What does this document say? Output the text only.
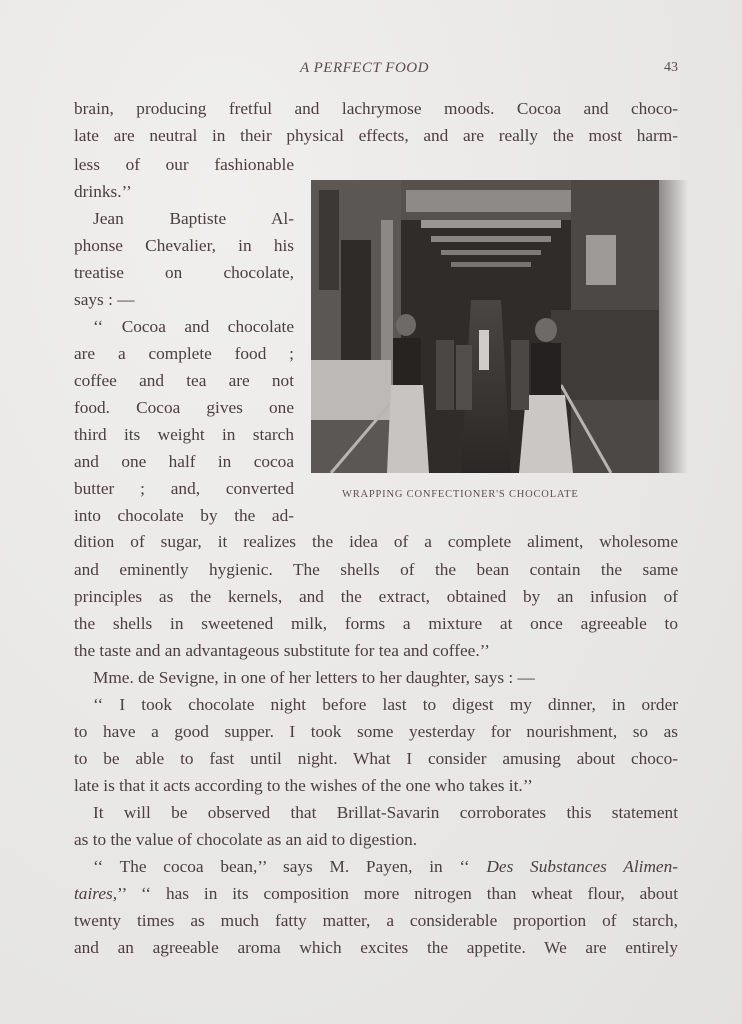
A PERFECT FOOD	43
brain, producing fretful and lachrymose moods. Cocoa and choco-
late are neutral in their physical effects, and are really the most harm-
less of our fashionable
drinks.’’
Jean Baptiste Al-
phonse Chevalier, in his
treatise on chocolate,
says : —
‘‘ Cocoa and chocolate
are a complete food ;
coffee and tea are not
food. Cocoa gives one
third its weight in starch
and one half in cocoa
butter ; and, converted
into chocolate by the ad-
WRAPPING CONFECTIONER'S CHOCOLATE
dition of sugar, it realizes the idea of a complete aliment, wholesome
and eminently hygienic. The shells of the bean contain the same
principles as the kernels, and the extract, obtained by an infusion of
the shells in sweetened milk, forms a mixture at once agreeable to
the taste and an advantageous substitute for tea and coffee.’’
Mme. de Sevigne, in one of her letters to her daughter, says : —
‘‘ I took chocolate night before last to digest my dinner, in order
to have a good supper. I took some yesterday for nourishment, so as
to be able to fast until night. What I consider amusing about choco-
late is that it acts according to the wishes of the one who takes it.’’
It will be observed that Brillat-Savarin corroborates this statement
as to the value of chocolate as an aid to digestion.
‘‘ The cocoa bean,’’ says M. Payen, in ‘‘ Des Substances Alimen-
taires,’’ ‘‘ has in its composition more nitrogen than wheat flour, about
twenty times as much fatty matter, a considerable proportion of starch,
and an agreeable aroma which excites the appetite. We are entirely
